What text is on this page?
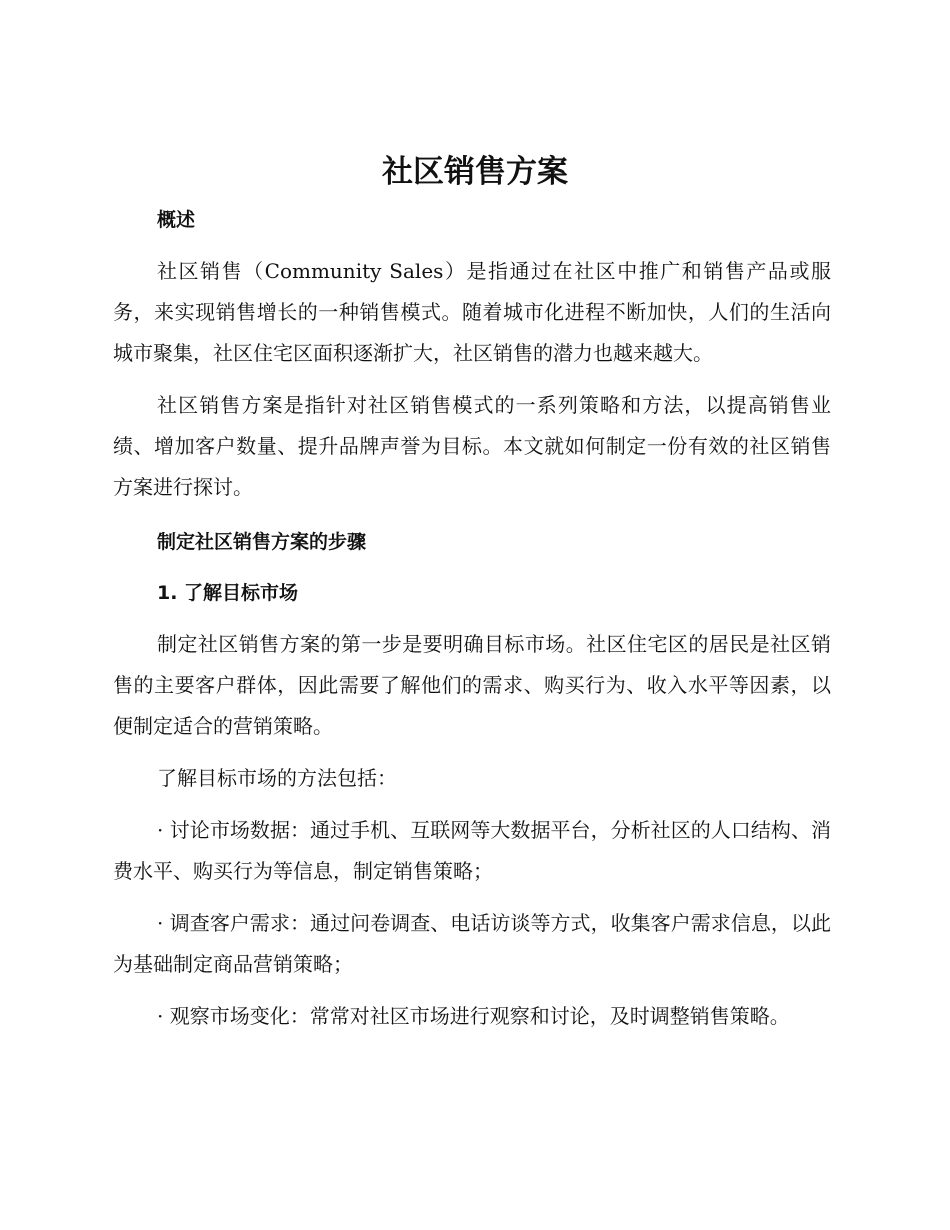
社区销售方案
概述

社区销售（Community Sales）是指通过在社区中推广和销售产品或服务，来实现销售增长的一种销售模式。随着城市化进程不断加快，人们的生活向城市聚集，社区住宅区面积逐渐扩大，社区销售的潜力也越来越大。

社区销售方案是指针对社区销售模式的一系列策略和方法，以提高销售业绩、增加客户数量、提升品牌声誉为目标。本文就如何制定一份有效的社区销售方案进行探讨。

制定社区销售方案的步骤
1. 了解目标市场

制定社区销售方案的第一步是要明确目标市场。社区住宅区的居民是社区销售的主要客户群体，因此需要了解他们的需求、购买行为、收入水平等因素，以便制定适合的营销策略。

了解目标市场的方法包括：

· 讨论市场数据：通过手机、互联网等大数据平台，分析社区的人口结构、消费水平、购买行为等信息，制定销售策略；

· 调查客户需求：通过问卷调查、电话访谈等方式，收集客户需求信息，以此为基础制定商品营销策略；

· 观察市场变化：常常对社区市场进行观察和讨论，及时调整销售策略。
